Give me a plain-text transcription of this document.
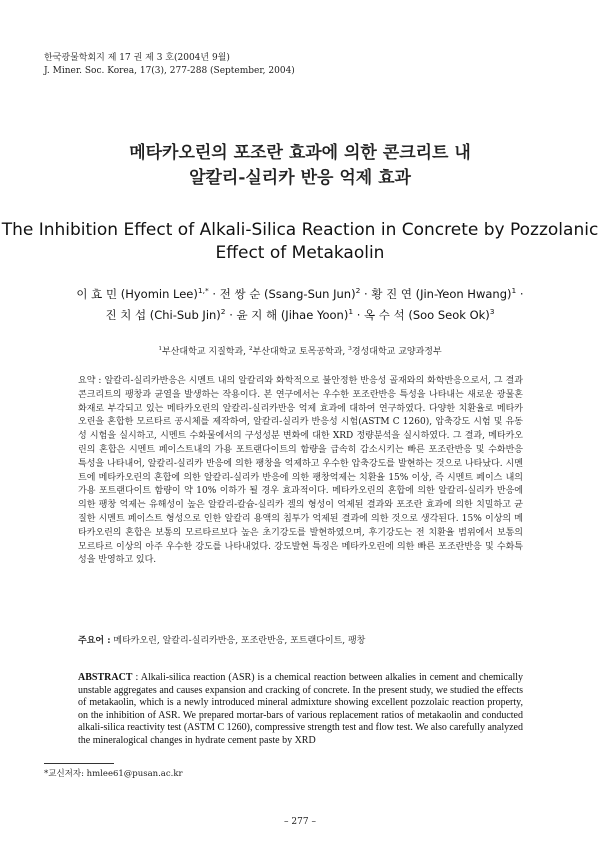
한국광물학회지 제 17 권 제 3 호(2004년 9월)
J. Miner. Soc. Korea, 17(3), 277-288 (September, 2004)
메타카오린의 포조란 효과에 의한 콘크리트 내
알칼리-실리카 반응 억제 효과
The Inhibition Effect of Alkali-Silica Reaction in Concrete by Pozzolanic
Effect of Metakaolin
이 효 민 (Hyomin Lee)$^{1,*}$ · 전 쌍 순 (Ssang-Sun Jun)$^2$ · 황 진 연 (Jin-Yeon Hwang)$^1$ ·
진 치 섭 (Chi-Sub Jin)$^2$ · 윤 지 해 (Jihae Yoon)$^1$ · 옥 수 석 (Soo Seok Ok)$^3$
$^1$부산대학교 지질학과, $^2$부산대학교 토목공학과, $^3$경성대학교 교양과정부
요약 : 알칼리-실리카반응은 시멘트 내의 알칼리와 화학적으로 불안정한 반응성 골재와의 화학반응으로서, 그 결과 콘크리트의 팽창과 균열을 발생하는 작용이다. 본 연구에서는 우수한 포조란반응 특성을 나타내는 새로운 광물혼화재로 부각되고 있는 메타카오린의 알칼리-실리카반응 억제 효과에 대하여 연구하였다. 다양한 치환율로 메타카오린을 혼합한 모르타르 공시체를 제작하여, 알칼리-실리카 반응성 시험(ASTM C 1260), 압축강도 시험 및 유동성 시험을 실시하고, 시멘트 수화물에서의 구성성분 변화에 대한 XRD 정량분석을 실시하였다. 그 결과, 메타카오린의 혼합은 시멘트 페이스트내의 가용 포트랜다이트의 함량을 급속히 감소시키는 빠른 포조란반응 및 수화반응 특성을 나타내어, 알칼리-실리카 반응에 의한 팽창을 억제하고 우수한 압축강도를 발현하는 것으로 나타났다. 시멘트에 메타카오린의 혼합에 의한 알칼리-실리카 반응에 의한 팽창억제는 치환율 15% 이상, 즉 시멘트 페이스 내의 가용 포트랜다이트 함량이 약 10% 이하가 될 경우 효과적이다. 메타카오린의 혼합에 의한 알칼리-실리카 반응에 의한 팽창 억제는 유해성이 높은 알칼리-칼슘-실리카 겔의 형성이 억제된 결과와 포조란 효과에 의한 치밀하고 균질한 시멘트 페이스트 형성으로 인한 알칼리 용액의 침투가 억제된 결과에 의한 것으로 생각된다. 15% 이상의 메타카오린의 혼합은 보통의 모르타르보다 높은 초기강도를 발현하였으며, 후기강도는 전 치환율 범위에서 보통의 모르타르 이상의 아주 우수한 강도를 나타내었다. 강도발현 특징은 메타카오린에 의한 빠른 포조란반응 및 수화특성을 반영하고 있다.
주요어 : 메타카오린, 알칼리-실리카반응, 포조란반응, 포트랜다이트, 팽창
ABSTRACT : Alkali-silica reaction (ASR) is a chemical reaction between alkalies in cement and chemically unstable aggregates and causes expansion and cracking of concrete. In the present study, we studied the effects of metakaolin, which is a newly introduced mineral admixture showing excellent pozzolaic reaction property, on the inhibition of ASR. We prepared mortar-bars of various replacement ratios of metakaolin and conducted alkali-silica reactivity test (ASTM C 1260), compressive strength test and flow test. We also carefully analyzed the mineralogical changes in hydrate cement paste by XRD
*교신저자: hmlee61@pusan.ac.kr
– 277 –
